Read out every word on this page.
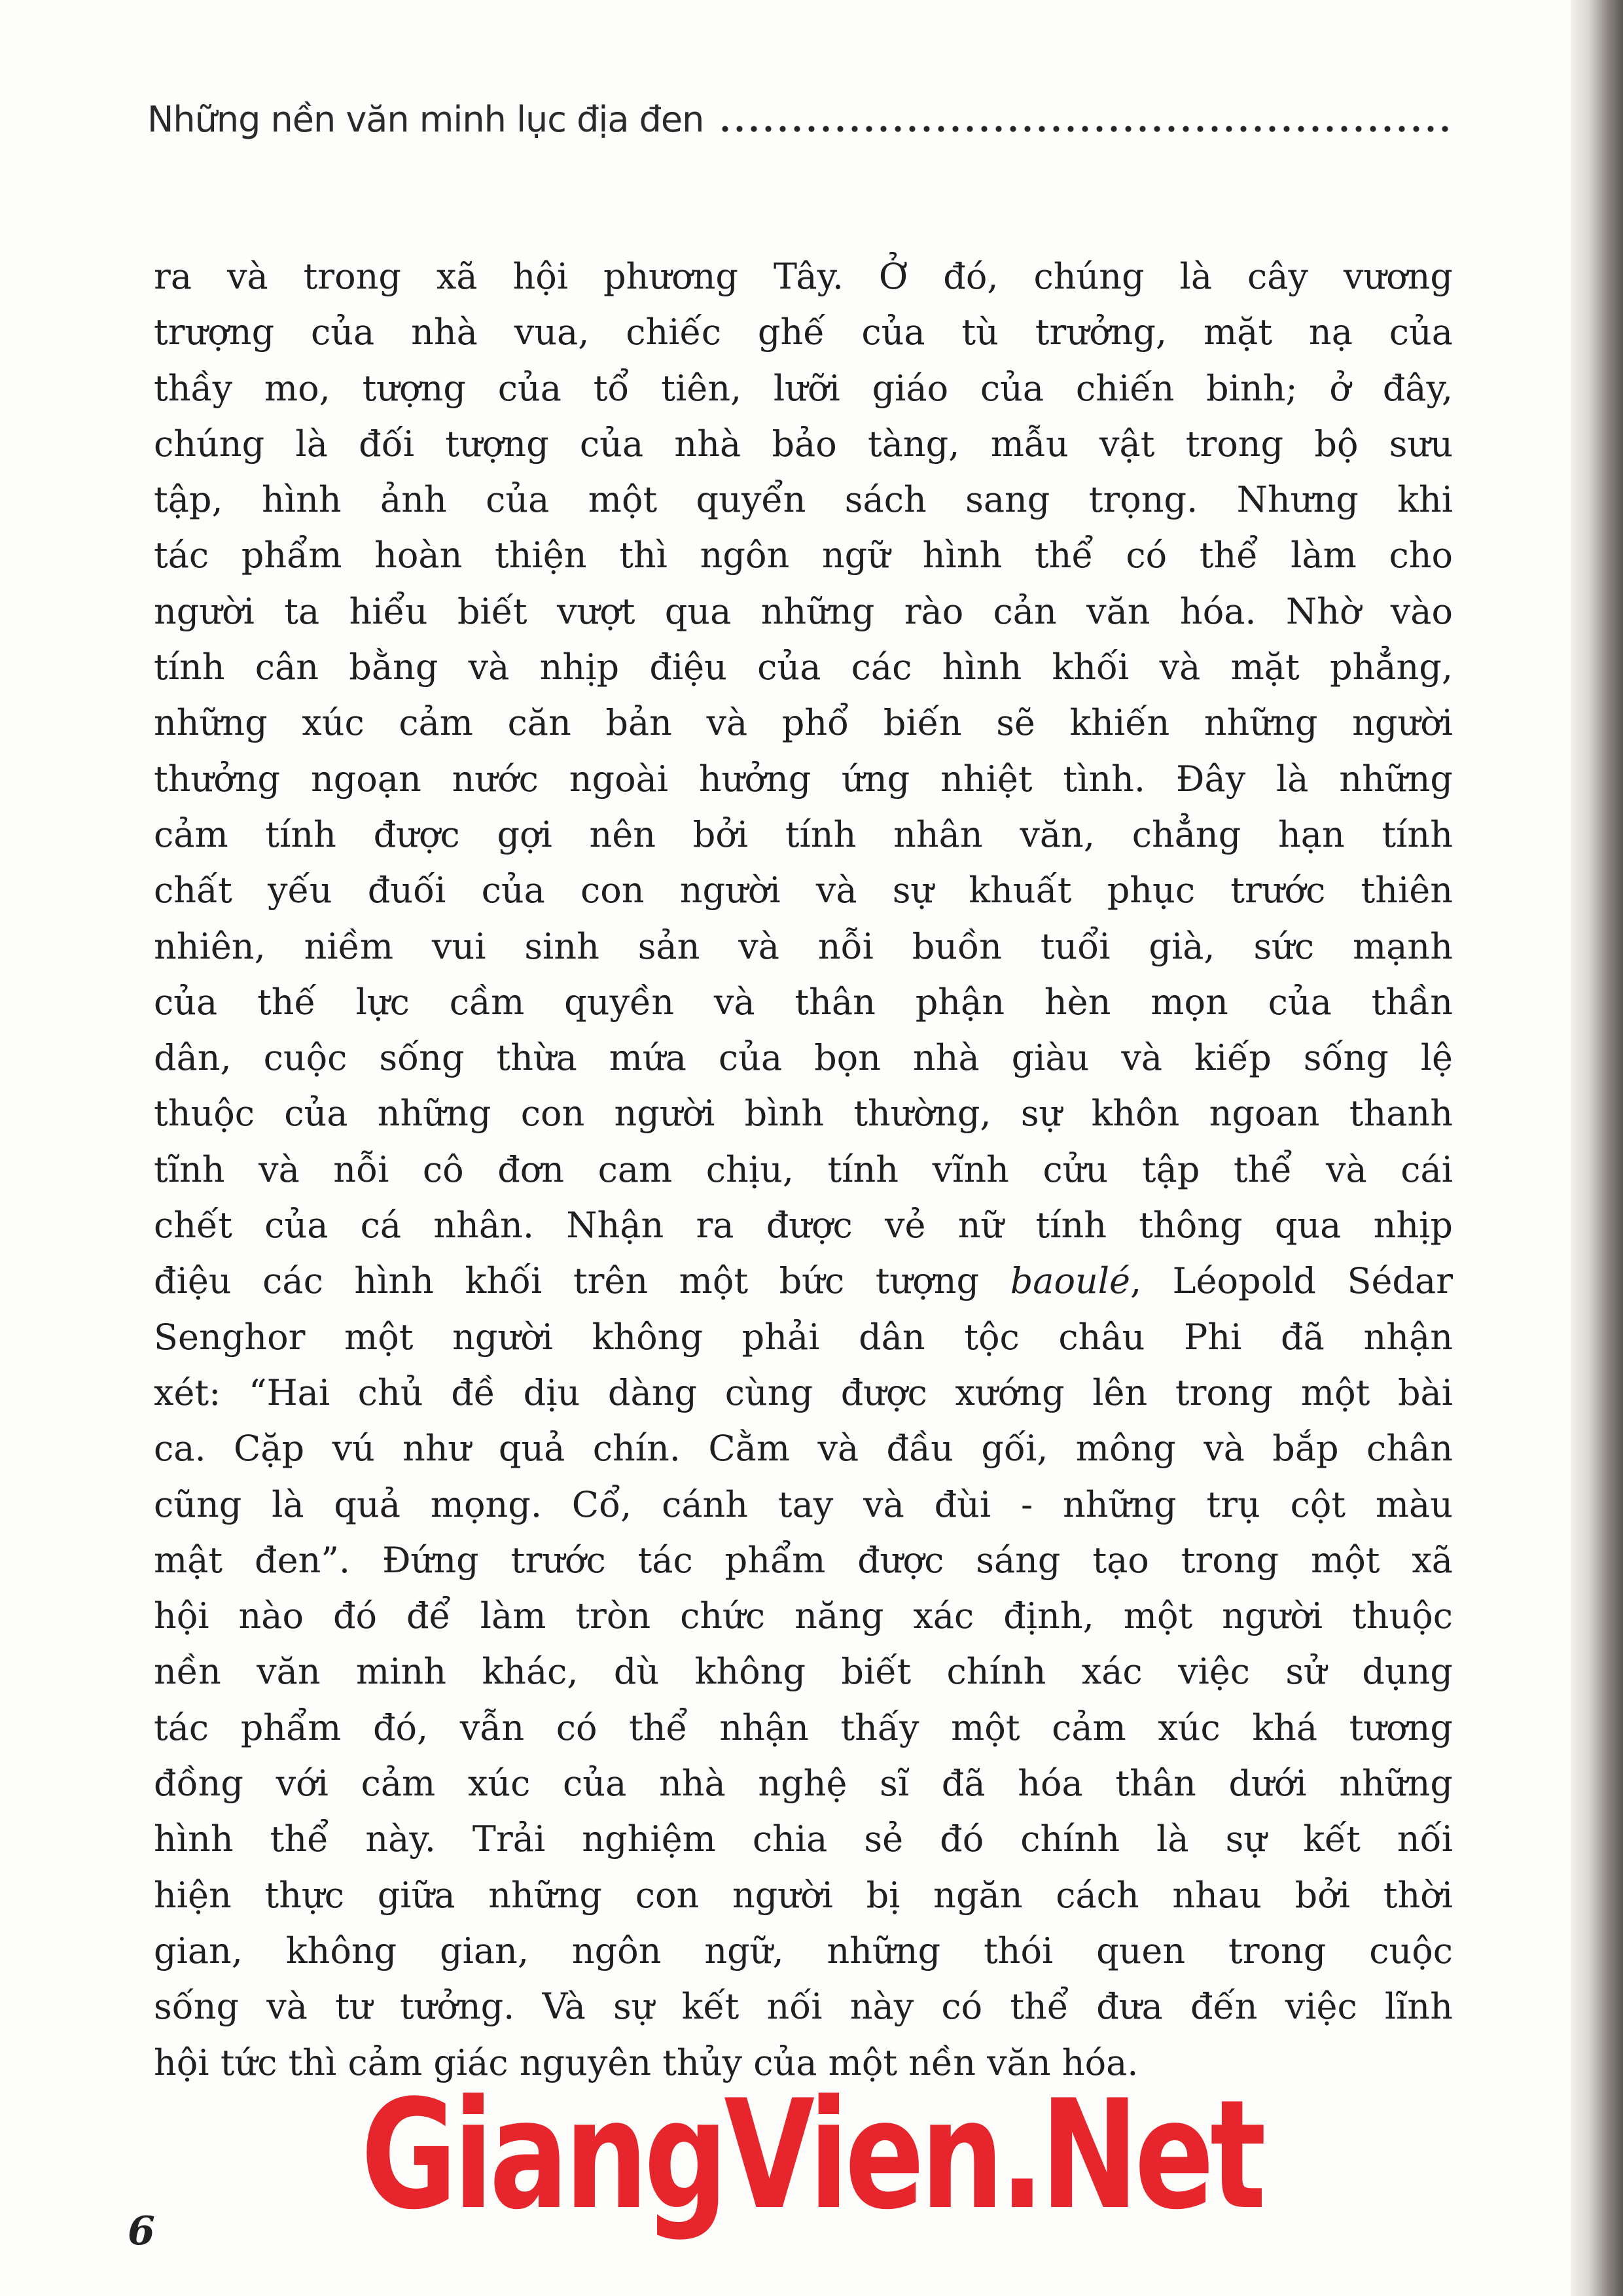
Những nền văn minh lục địa đen
ra và trong xã hội phương Tây. Ở đó, chúng là cây vương
trượng của nhà vua, chiếc ghế của tù trưởng, mặt nạ của
thầy mo, tượng của tổ tiên, lưỡi giáo của chiến binh; ở đây,
chúng là đối tượng của nhà bảo tàng, mẫu vật trong bộ sưu
tập, hình ảnh của một quyển sách sang trọng. Nhưng khi
tác phẩm hoàn thiện thì ngôn ngữ hình thể có thể làm cho
người ta hiểu biết vượt qua những rào cản văn hóa. Nhờ vào
tính cân bằng và nhịp điệu của các hình khối và mặt phẳng,
những xúc cảm căn bản và phổ biến sẽ khiến những người
thưởng ngoạn nước ngoài hưởng ứng nhiệt tình. Đây là những
cảm tính được gợi nên bởi tính nhân văn, chẳng hạn tính
chất yếu đuối của con người và sự khuất phục trước thiên
nhiên, niềm vui sinh sản và nỗi buồn tuổi già, sức mạnh
của thế lực cầm quyền và thân phận hèn mọn của thần
dân, cuộc sống thừa mứa của bọn nhà giàu và kiếp sống lệ
thuộc của những con người bình thường, sự khôn ngoan thanh
tĩnh và nỗi cô đơn cam chịu, tính vĩnh cửu tập thể và cái
chết của cá nhân. Nhận ra được vẻ nữ tính thông qua nhịp
điệu các hình khối trên một bức tượng baoulé, Léopold Sédar
Senghor một người không phải dân tộc châu Phi đã nhận
xét: “Hai chủ đề dịu dàng cùng được xướng lên trong một bài
ca. Cặp vú như quả chín. Cằm và đầu gối, mông và bắp chân
cũng là quả mọng. Cổ, cánh tay và đùi - những trụ cột màu
mật đen”. Đứng trước tác phẩm được sáng tạo trong một xã
hội nào đó để làm tròn chức năng xác định, một người thuộc
nền văn minh khác, dù không biết chính xác việc sử dụng
tác phẩm đó, vẫn có thể nhận thấy một cảm xúc khá tương
đồng với cảm xúc của nhà nghệ sĩ đã hóa thân dưới những
hình thể này. Trải nghiệm chia sẻ đó chính là sự kết nối
hiện thực giữa những con người bị ngăn cách nhau bởi thời
gian, không gian, ngôn ngữ, những thói quen trong cuộc
sống và tư tưởng. Và sự kết nối này có thể đưa đến việc lĩnh
hội tức thì cảm giác nguyên thủy của một nền văn hóa.
GiangVien.Net
6
